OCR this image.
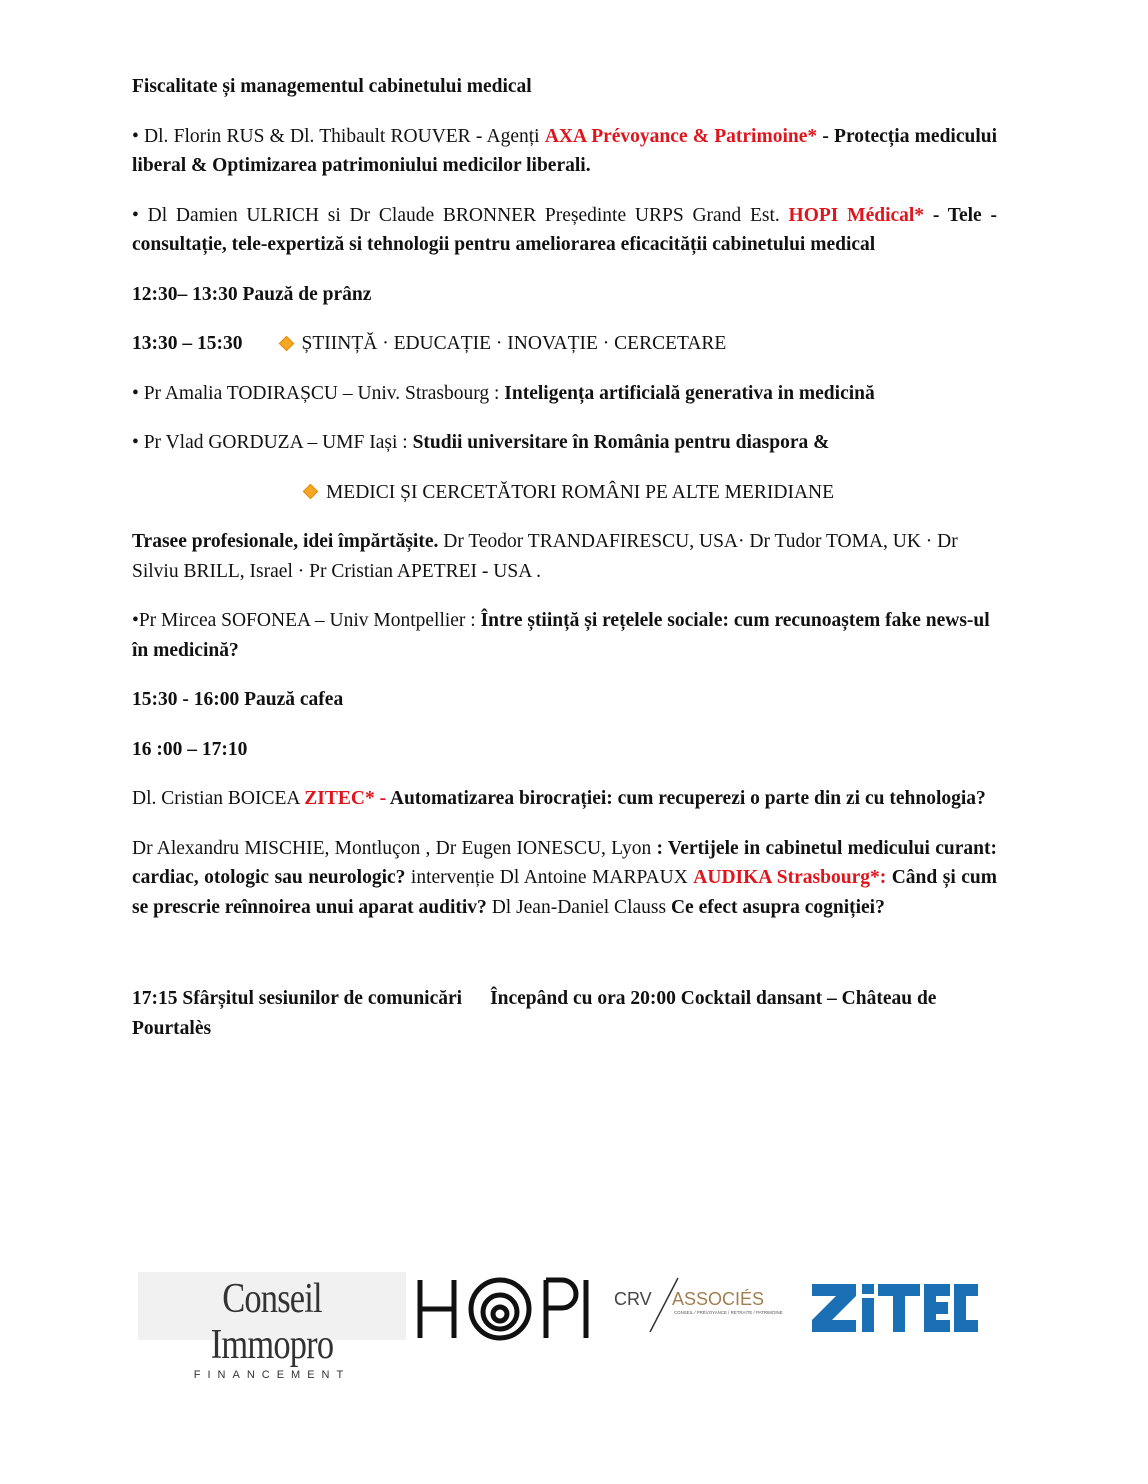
Fiscalitate și managementul cabinetului medical

• Dl. Florin RUS & Dl. Thibault ROUVER - Agenți AXA Prévoyance & Patrimoine* - Protecția medicului liberal & Optimizarea patrimoniului medicilor liberali.

• Dl Damien ULRICH si Dr Claude BRONNER Președinte URPS Grand Est. HOPI Médical* - Tele -consultație, tele-expertiză si tehnologii pentru ameliorarea eficacității cabinetului medical

12:30– 13:30 Pauză de prânz

13:30 – 15:30	ȘTIINȚĂ · EDUCAȚIE · INOVAȚIE · CERCETARE

• Pr Amalia TODIRAȘCU – Univ. Strasbourg : Inteligența artificială generativa in medicină

• Pr Vlad GORDUZA – UMF Iași : Studii universitare în România pentru diaspora &

MEDICI ȘI CERCETĂTORI ROMÂNI PE ALTE MERIDIANE

Trasee profesionale, idei împărtășite. Dr Teodor TRANDAFIRESCU, USA· Dr Tudor TOMA, UK · Dr Silviu BRILL, Israel · Pr Cristian APETREI - USA .

•Pr Mircea SOFONEA – Univ Montpellier : Între știință și rețelele sociale: cum recunoaștem fake news-ul în medicină?

15:30 - 16:00 Pauză cafea

16 :00 – 17:10

Dl. Cristian BOICEA ZITEC* - Automatizarea birocrației: cum recuperezi o parte din zi cu tehnologia?

Dr Alexandru MISCHIE, Montluçon , Dr Eugen IONESCU, Lyon : Vertijele in cabinetul medicului curant: cardiac, otologic sau neurologic? intervenție Dl Antoine MARPAUX AUDIKA Strasbourg*: Când și cum se prescrie reînnoirea unui aparat auditiv? Dl Jean-Daniel Clauss Ce efect asupra cogniției?

17:15 Sfârșitul sesiunilor de comunicări Începând cu ora 20:00 Cocktail dansant – Château de Pourtalès

Conseil Immopro
FINANCEMENT
HOPI
CRV ASSOCIÉS
CONSEIL / PRÉVOYANCE / RETRAITE / PATRIMOINE
ZITEC
